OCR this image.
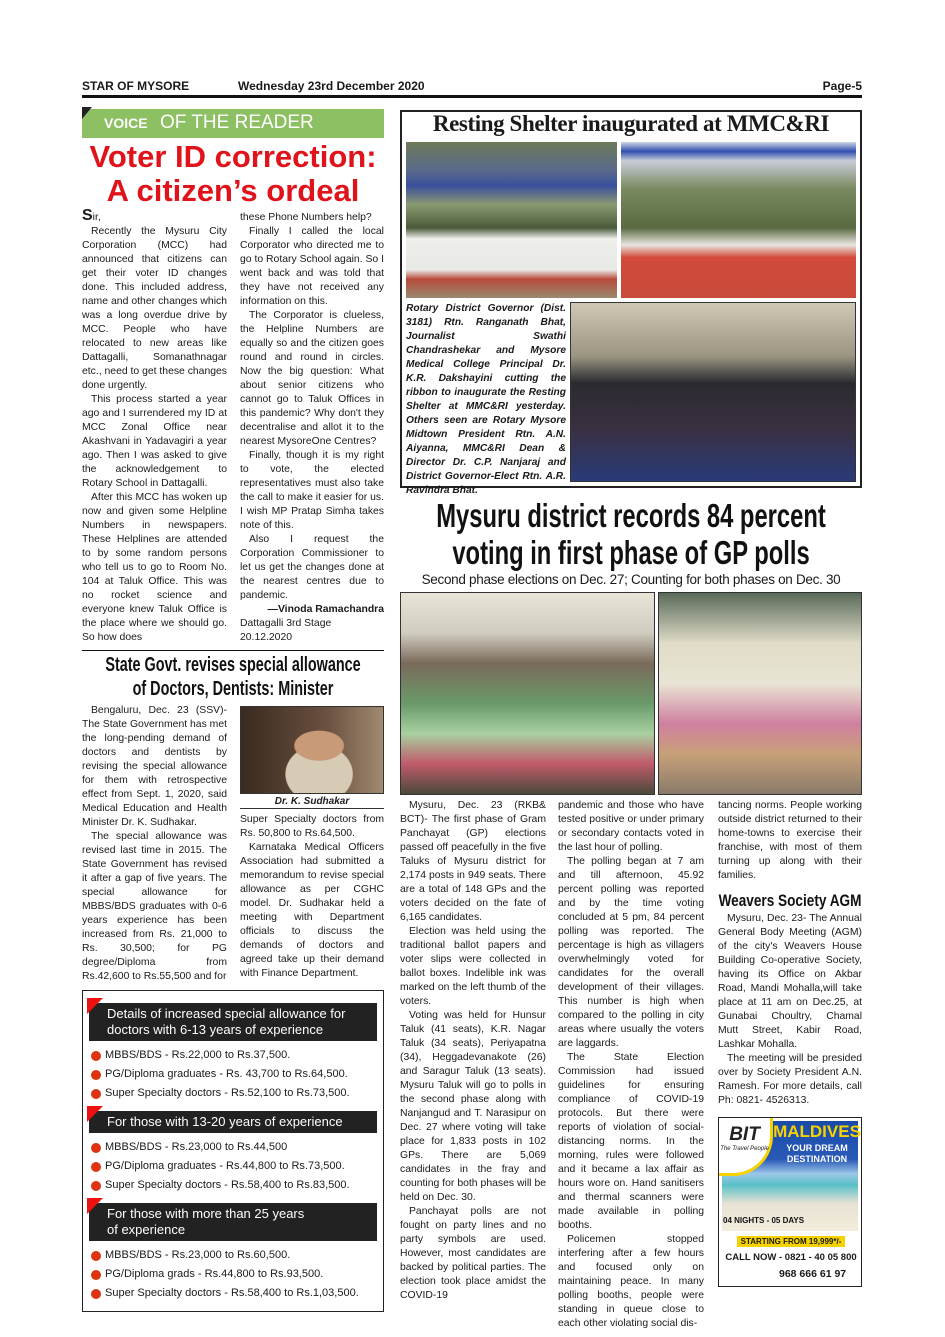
STAR OF MYSORE	Wednesday 23rd December 2020	Page-5
VOICE OF THE READER
Voter ID correction:
A citizen’s ordeal

Sir,

Recently the Mysuru City Corporation (MCC) had announced that citizens can get their voter ID changes done. This included address, name and other changes which was a long overdue drive by MCC. People who have relocated to new areas like Dattagalli, Somanathnagar etc., need to get these changes done urgently.

This process started a year ago and I surrendered my ID at MCC Zonal Office near Akashvani in Yadavagiri a year ago. Then I was asked to give the acknowledgement to Rotary School in Dattagalli.

After this MCC has woken up now and given some Helpline Numbers in newspapers. These Helplines are attended to by some random persons who tell us to go to Room No. 104 at Taluk Office. This was no rocket science and everyone knew Taluk Office is the place where we should go. So how does

these Phone Numbers help?

Finally I called the local Corporator who directed me to go to Rotary School again. So I went back and was told that they have not received any information on this.

The Corporator is clueless, the Helpline Numbers are equally so and the citizen goes round and round in circles. Now the big question: What about senior citizens who cannot go to Taluk Offices in this pandemic? Why don't they decentralise and allot it to the nearest MysoreOne Centres?

Finally, though it is my right to vote, the elected representatives must also take the call to make it easier for us. I wish MP Pratap Simha takes note of this.

Also I request the Corporation Commissioner to let us get the changes done at the nearest centres due to pandemic.

—Vinoda Ramachandra

Dattagalli 3rd Stage

20.12.2020

State Govt. revises special allowance
of Doctors, Dentists: Minister

Bengaluru, Dec. 23 (SSV)- The State Government has met the long-pending demand of doctors and dentists by revising the special allowance for them with retrospective effect from Sept. 1, 2020, said Medical Education and Health Minister Dr. K. Sudhakar.

The special allowance was revised last time in 2015. The State Government has revised it after a gap of five years. The special allowance for MBBS/BDS graduates with 0-6 years experience has been increased from Rs. 21,000 to Rs. 30,500; for PG degree/Diploma from Rs.42,600 to Rs.55,500 and for

Dr. K. Sudhakar

Super Specialty doctors from Rs. 50,800 to Rs.64,500.

Karnataka Medical Officers Association had submitted a memorandum to revise special allowance as per CGHC model. Dr. Sudhakar held a meeting with Department officials to discuss the demands of doctors and agreed take up their demand with Finance Department.

Details of increased special allowance for doctors with 6-13 years of experience
MBBS/BDS - Rs.22,000 to Rs.37,500.
PG/Diploma graduates - Rs. 43,700 to Rs.64,500.
Super Specialty doctors - Rs.52,100 to Rs.73,500.
For those with 13-20 years of experience
MBBS/BDS - Rs.23,000 to Rs.44,500
PG/Diploma graduates - Rs.44,800 to Rs.73,500.
Super Specialty doctors - Rs.58,400 to Rs.83,500.
For those with more than 25 years of experience
MBBS/BDS - Rs.23,000 to Rs.60,500.
PG/Diploma grads - Rs.44,800 to Rs.93,500.
Super Specialty doctors - Rs.58,400 to Rs.1,03,500.
Resting Shelter inaugurated at MMC&RI
Rotary District Governor (Dist. 3181) Rtn. Ranganath Bhat, Journalist Swathi Chandrashekar and Mysore Medical College Principal Dr. K.R. Dakshayini cutting the ribbon to inaugurate the Resting Shelter at MMC&RI yesterday. Others seen are Rotary Mysore Midtown President Rtn. A.N. Aiyanna, MMC&RI Dean & Director Dr. C.P. Nanjaraj and District Governor-Elect Rtn. A.R. Ravindra Bhat.
Mysuru district records 84 percent
voting in first phase of GP polls
Second phase elections on Dec. 27; Counting for both phases on Dec. 30

Mysuru, Dec. 23 (RKB& BCT)- The first phase of Gram Panchayat (GP) elections passed off peacefully in the five Taluks of Mysuru district for 2,174 posts in 949 seats. There are a total of 148 GPs and the voters decided on the fate of 6,165 candidates.

Election was held using the traditional ballot papers and voter slips were collected in ballot boxes. Indelible ink was marked on the left thumb of the voters.

Voting was held for Hunsur Taluk (41 seats), K.R. Nagar Taluk (34 seats), Periyapatna (34), Heggadevanakote (26) and Saragur Taluk (13 seats). Mysuru Taluk will go to polls in the second phase along with Nanjangud and T. Narasipur on Dec. 27 where voting will take place for 1,833 posts in 102 GPs. There are 5,069 candidates in the fray and counting for both phases will be held on Dec. 30.

Panchayat polls are not fought on party lines and no party symbols are used. However, most candidates are backed by political parties. The election took place amidst the COVID-19

pandemic and those who have tested positive or under primary or secondary contacts voted in the last hour of polling.

The polling began at 7 am and till afternoon, 45.92 percent polling was reported and by the time voting concluded at 5 pm, 84 percent polling was reported. The percentage is high as villagers overwhelmingly voted for candidates for the overall development of their villages. This number is high when compared to the polling in city areas where usually the voters are laggards.

The State Election Commission had issued guidelines for ensuring compliance of COVID-19 protocols. But there were reports of violation of social-distancing norms. In the morning, rules were followed and it became a lax affair as hours wore on. Hand sanitisers and thermal scanners were made available in polling booths.

Policemen stopped interfering after a few hours and focused only on maintaining peace. In many polling booths, people were standing in queue close to each other violating social dis-

tancing norms. People working outside district returned to their home-towns to exercise their franchise, with most of them turning up along with their families.

Weavers Society AGM

Mysuru, Dec. 23- The Annual General Body Meeting (AGM) of the city's Weavers House Building Co-operative Society, having its Office on Akbar Road, Mandi Mohalla,will take place at 11 am on Dec.25, at Gunabai Choultry, Chamal Mutt Street, Kabir Road, Lashkar Mohalla.

The meeting will be presided over by Society President A.N. Ramesh. For more details, call Ph: 0821- 4526313.

BIT
The Travel People
MALDIVES
YOUR DREAM DESTINATION
04 NIGHTS - 05 DAYS
STARTING FROM 19,999*/-
CALL NOW - 0821 - 40 05 800
968 666 61 97
